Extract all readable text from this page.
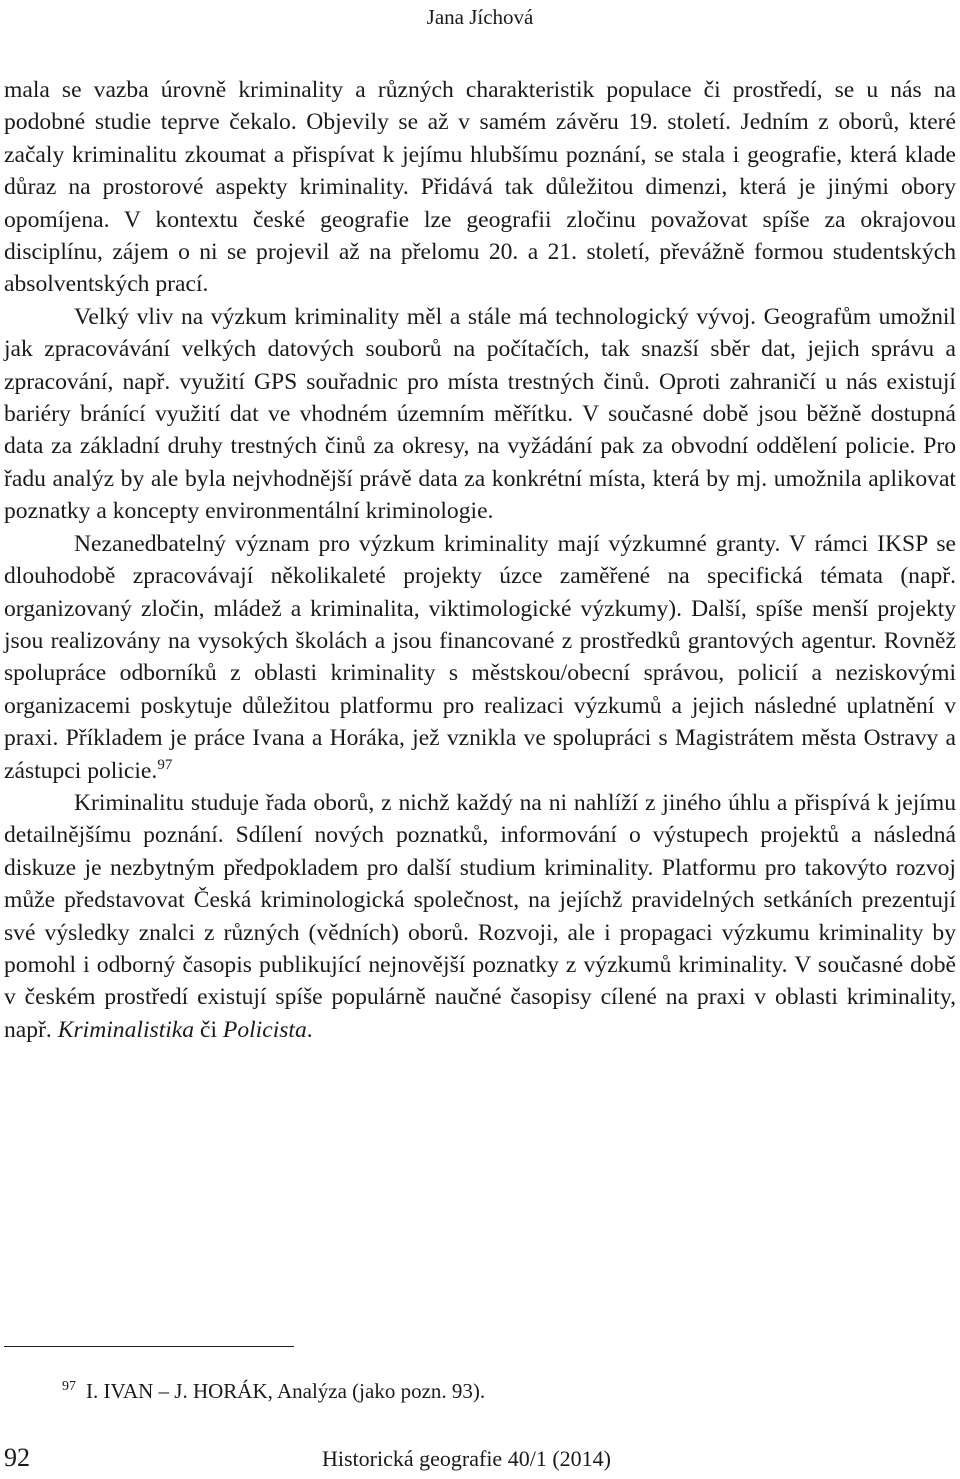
Jana Jíchová

mala se vazba úrovně kriminality a různých charakteristik populace či prostředí, se u nás na podobné studie teprve čekalo. Objevily se až v samém závěru 19. století. Jedním z oborů, které začaly kriminalitu zkoumat a přispívat k jejímu hlubšímu poznání, se stala i geografie, která klade důraz na prostorové aspekty kriminality. Přidává tak důležitou dimenzi, která je jinými obory opomíjena. V kontextu české geografie lze geografii zločinu považovat spíše za okrajovou disciplínu, zájem o ni se projevil až na přelomu 20. a 21. století, převážně formou studentských absolventských prací.

Velký vliv na výzkum kriminality měl a stále má technologický vývoj. Geografům umožnil jak zpracovávání velkých datových souborů na počítačích, tak snazší sběr dat, jejich správu a zpracování, např. využití GPS souřadnic pro místa trestných činů. Oproti zahraničí u nás existují bariéry bránící využití dat ve vhodném územním měřítku. V současné době jsou běžně dostupná data za základní druhy trestných činů za okresy, na vyžádání pak za obvodní oddělení policie. Pro řadu analýz by ale byla nejvhodnější právě data za konkrétní místa, která by mj. umožnila aplikovat poznatky a koncepty environmentální kriminologie.

Nezanedbatelný význam pro výzkum kriminality mají výzkumné granty. V rámci IKSP se dlouhodobě zpracovávají několikaleté projekty úzce zaměřené na specifická témata (např. organizovaný zločin, mládež a kriminalita, viktimologické výzkumy). Další, spíše menší projekty jsou realizovány na vysokých školách a jsou financované z prostředků grantových agentur. Rovněž spolupráce odborníků z oblasti kriminality s městskou/obecní správou, policií a neziskovými organizacemi poskytuje důležitou platformu pro realizaci výzkumů a jejich následné uplatnění v praxi. Příkladem je práce Ivana a Horáka, jež vznikla ve spolupráci s Magistrátem města Ostravy a zástupci policie.$^{97}$

Kriminalitu studuje řada oborů, z nichž každý na ni nahlíží z jiného úhlu a přispívá k jejímu detailnějšímu poznání. Sdílení nových poznatků, informování o výstupech projektů a následná diskuze je nezbytným předpokladem pro další studium kriminality. Platformu pro takovýto rozvoj může představovat Česká kriminologická společnost, na jejíchž pravidelných setkáních prezentují své výsledky znalci z různých (vědních) oborů. Rozvoji, ale i propagaci výzkumu kriminality by pomohl i odborný časopis publikující nejnovější poznatky z výzkumů kriminality. V současné době v českém prostředí existují spíše populárně naučné časopisy cílené na praxi v oblasti kriminality, např. Kriminalistika či Policista.

$^{97}$ I. IVAN – J. HORÁK, Analýza (jako pozn. 93).
92	Historická geografie 40/1 (2014)
